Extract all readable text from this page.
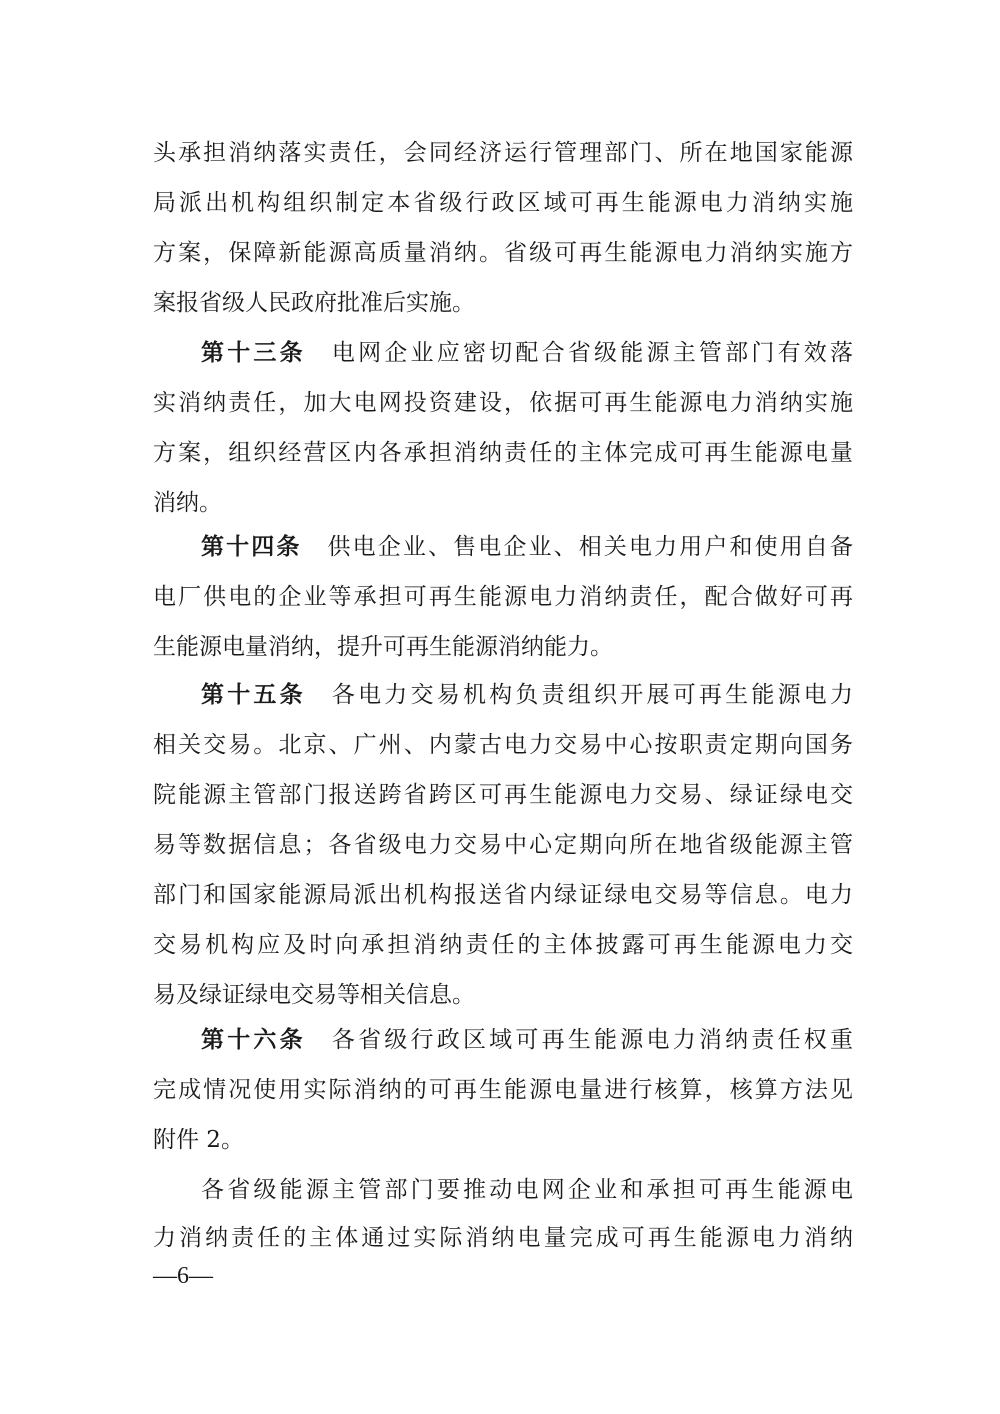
头承担消纳落实责任，会同经济运行管理部门、所在地国家能源
局派出机构组织制定本省级行政区域可再生能源电力消纳实施
方案，保障新能源高质量消纳。省级可再生能源电力消纳实施方
案报省级人民政府批准后实施。
第十三条 电网企业应密切配合省级能源主管部门有效落
实消纳责任，加大电网投资建设，依据可再生能源电力消纳实施
方案，组织经营区内各承担消纳责任的主体完成可再生能源电量
消纳。
第十四条 供电企业、售电企业、相关电力用户和使用自备
电厂供电的企业等承担可再生能源电力消纳责任，配合做好可再
生能源电量消纳，提升可再生能源消纳能力。
第十五条 各电力交易机构负责组织开展可再生能源电力
相关交易。北京、广州、内蒙古电力交易中心按职责定期向国务
院能源主管部门报送跨省跨区可再生能源电力交易、绿证绿电交
易等数据信息；各省级电力交易中心定期向所在地省级能源主管
部门和国家能源局派出机构报送省内绿证绿电交易等信息。电力
交易机构应及时向承担消纳责任的主体披露可再生能源电力交
易及绿证绿电交易等相关信息。
第十六条 各省级行政区域可再生能源电力消纳责任权重
完成情况使用实际消纳的可再生能源电量进行核算，核算方法见
附件 2。
各省级能源主管部门要推动电网企业和承担可再生能源电
力消纳责任的主体通过实际消纳电量完成可再生能源电力消纳
—6—
